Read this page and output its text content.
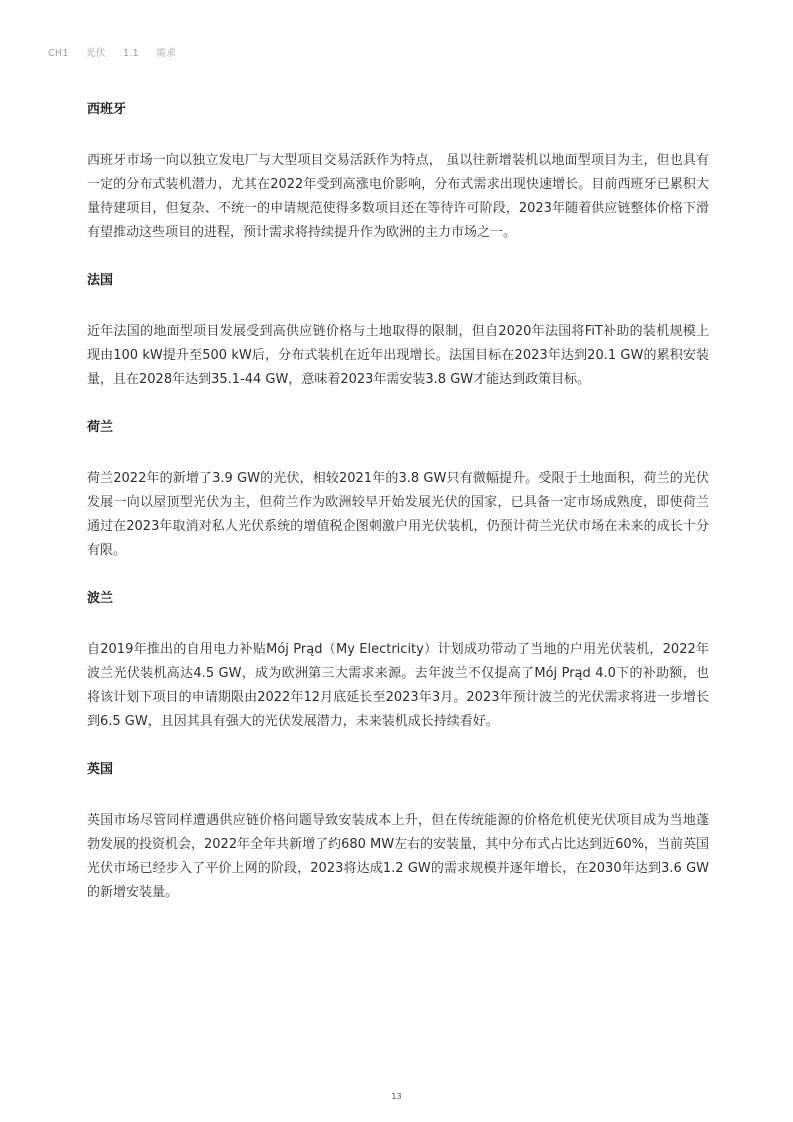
CH1 光伏 1.1 需求
西班牙

西班牙市场一向以独立发电厂与大型项目交易活跃作为特点， 虽以往新增装机以地面型项目为主，但也具有一定的分布式装机潜力，尤其在2022年受到高涨电价影响，分布式需求出现快速增长。目前西班牙已累积大量待建项目，但复杂、不统一的申请规范使得多数项目还在等待许可阶段，2023年随着供应链整体价格下滑有望推动这些项目的进程，预计需求将持续提升作为欧洲的主力市场之一。

法国

近年法国的地面型项目发展受到高供应链价格与土地取得的限制，但自2020年法国将FiT补助的装机规模上现由100 kW提升至500 kW后，分布式装机在近年出现增长。法国目标在2023年达到20.1 GW的累积安装量，且在2028年达到35.1-44 GW，意味着2023年需安装3.8 GW才能达到政策目标。

荷兰

荷兰2022年的新增了3.9 GW的光伏，相较2021年的3.8 GW只有微幅提升。受限于土地面积，荷兰的光伏发展一向以屋顶型光伏为主，但荷兰作为欧洲较早开始发展光伏的国家，已具备一定市场成熟度，即使荷兰通过在2023年取消对私人光伏系统的增值税企图刺激户用光伏装机，仍预计荷兰光伏市场在未来的成长十分有限。

波兰

自2019年推出的自用电力补贴Mój Prąd（My Electricity）计划成功带动了当地的户用光伏装机，2022年波兰光伏装机高达4.5 GW，成为欧洲第三大需求来源。去年波兰不仅提高了Mój Prąd 4.0下的补助额，也将该计划下项目的申请期限由2022年12月底延长至2023年3月。2023年预计波兰的光伏需求将进一步增长到6.5 GW，且因其具有强大的光伏发展潜力，未来装机成长持续看好。

英国

英国市场尽管同样遭遇供应链价格问题导致安装成本上升，但在传统能源的价格危机使光伏项目成为当地蓬勃发展的投资机会，2022年全年共新增了约680 MW左右的安装量，其中分布式占比达到近60%，当前英国光伏市场已经步入了平价上网的阶段，2023将达成1.2 GW的需求规模并逐年增长，在2030年达到3.6 GW的新增安装量。

13
